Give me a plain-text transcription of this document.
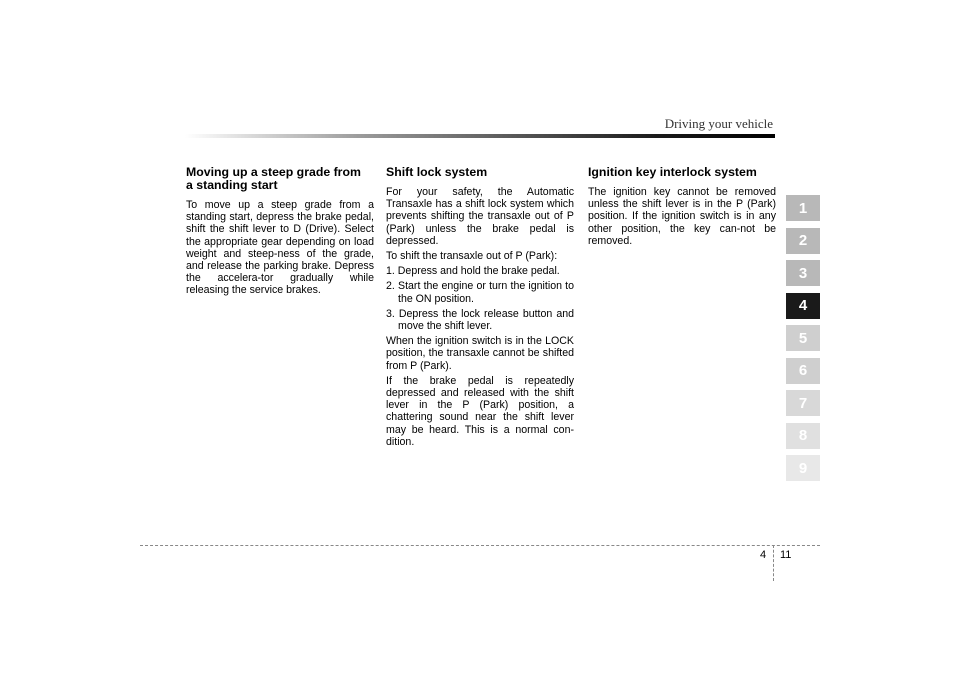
Driving your vehicle
Moving up a steep grade from
a standing start

To move up a steep grade from a standing start, depress the brake pedal, shift the shift lever to D (Drive). Select the appropriate gear depending on load weight and steep-ness of the grade, and release the parking brake. Depress the accelera-tor gradually while releasing the service brakes.

Shift lock system

For your safety, the Automatic Transaxle has a shift lock system which prevents shifting the transaxle out of P (Park) unless the brake pedal is depressed.

To shift the transaxle out of P (Park):

1. Depress and hold the brake pedal.

2. Start the engine or turn the ignition to the ON position.

3. Depress the lock release button and move the shift lever.

When the ignition switch is in the LOCK position, the transaxle cannot be shifted from P (Park).

If the brake pedal is repeatedly depressed and released with the shift lever in the P (Park) position, a chattering sound near the shift lever may be heard. This is a normal con-dition.

Ignition key interlock system

The ignition key cannot be removed unless the shift lever is in the P (Park) position. If the ignition switch is in any other position, the key can-not be removed.

1
2
3
4
5
6
7
8
9
4 11
